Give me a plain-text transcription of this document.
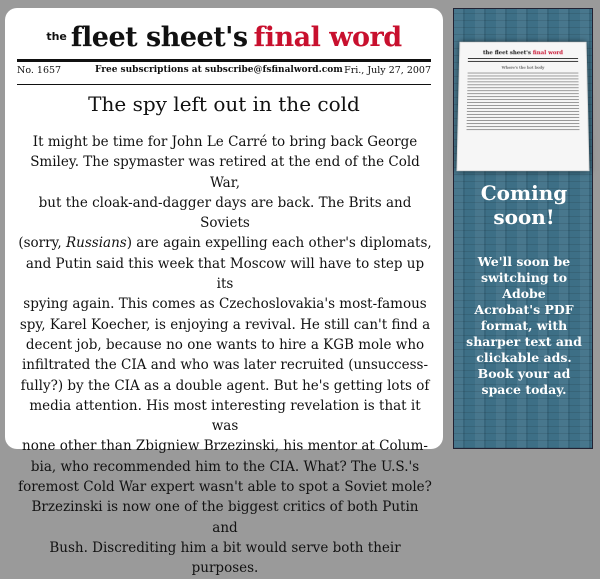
$^{the}$ fleet sheet's final word
No. 1657	Free subscriptions at subscribe@fsfinalword.com Fri., July 27, 2007
The spy left out in the cold
It might be time for John Le Carré to bring back George
Smiley. The spymaster was retired at the end of the Cold War,
but the cloak-and-dagger days are back. The Brits and Soviets
(sorry, Russians) are again expelling each other's diplomats,
and Putin said this week that Moscow will have to step up its
spying again. This comes as Czechoslovakia's most-famous
spy, Karel Koecher, is enjoying a revival. He still can't find a
decent job, because no one wants to hire a KGB mole who
infiltrated the CIA and who was later recruited (unsuccess-
fully?) by the CIA as a double agent. But he's getting lots of
media attention. His most interesting revelation is that it was
none other than Zbigniew Brzezinski, his mentor at Colum-
bia, who recommended him to the CIA. What? The U.S.'s
foremost Cold War expert wasn't able to spot a Soviet mole?
Brzezinski is now one of the biggest critics of both Putin and
Bush. Discrediting him a bit would serve both their purposes.
the fleet sheet's final word
Where's the hot body
Coming
soon!
We'll soon be
switching to
Adobe
Acrobat's PDF
format, with
sharper text and
clickable ads.
Book your ad
space today.
